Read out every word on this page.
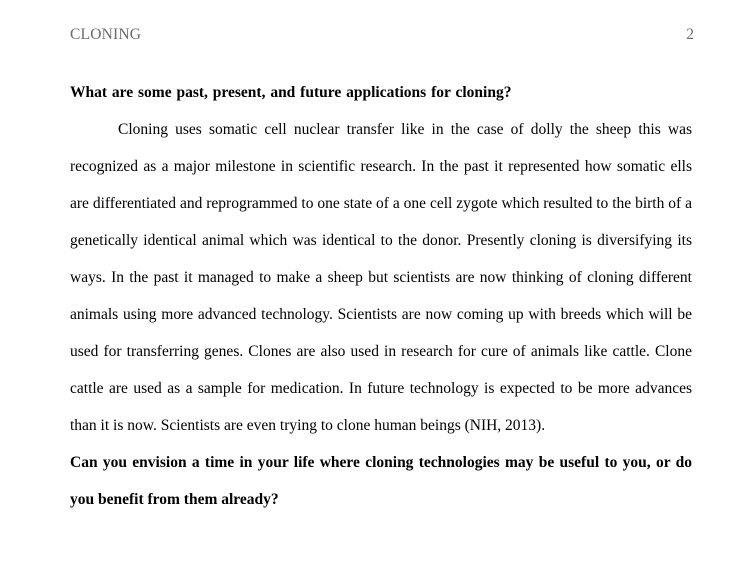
CLONING	2

What are some past, present, and future applications for cloning?

Cloning uses somatic cell nuclear transfer like in the case of dolly the sheep this was recognized as a major milestone in scientific research. In the past it represented how somatic ells are differentiated and reprogrammed to one state of a one cell zygote which resulted to the birth of a genetically identical animal which was identical to the donor. Presently cloning is diversifying its ways. In the past it managed to make a sheep but scientists are now thinking of cloning different animals using more advanced technology. Scientists are now coming up with breeds which will be used for transferring genes. Clones are also used in research for cure of animals like cattle. Clone cattle are used as a sample for medication. In future technology is expected to be more advances than it is now. Scientists are even trying to clone human beings (NIH, 2013).

Can you envision a time in your life where cloning technologies may be useful to you, or do you benefit from them already?
